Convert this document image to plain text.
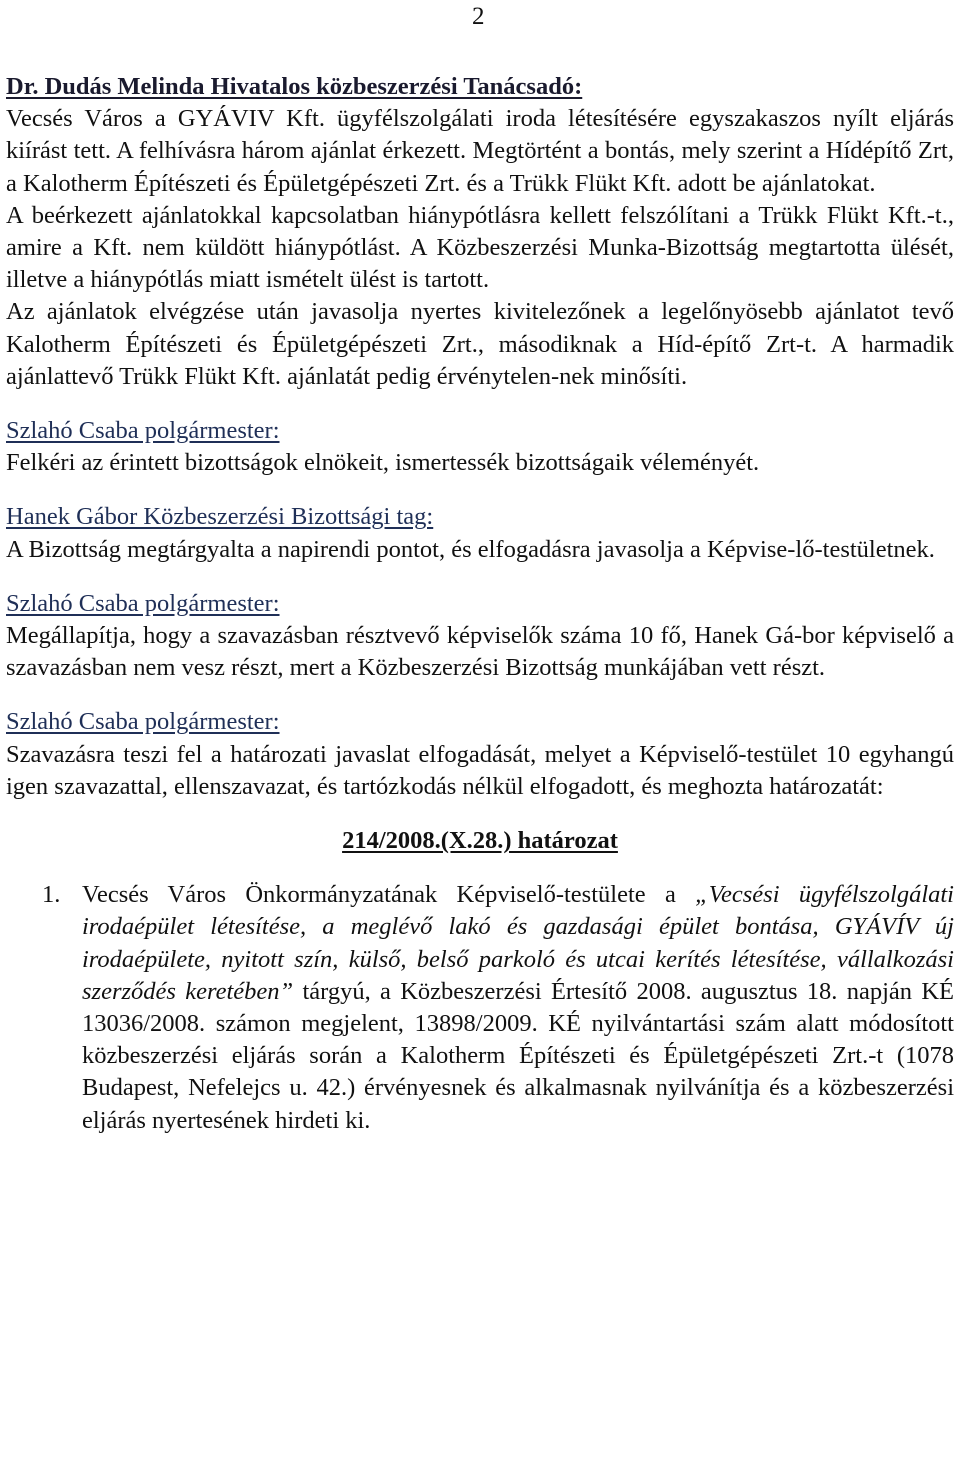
2

Dr. Dudás Melinda Hivatalos közbeszerzési Tanácsadó:

Vecsés Város a GYÁVIV Kft. ügyfélszolgálati iroda létesítésére egyszakaszos nyílt eljárás kiírást tett. A felhívásra három ajánlat érkezett. Megtörtént a bontás, mely szerint a Hídépítő Zrt, a Kalotherm Építészeti és Épületgépészeti Zrt. és a Trükk Flükt Kft. adott be ajánlatokat.

A beérkezett ajánlatokkal kapcsolatban hiánypótlásra kellett felszólítani a Trükk Flükt Kft.-t., amire a Kft. nem küldött hiánypótlást. A Közbeszerzési Munka-Bizottság megtartotta ülését, illetve a hiánypótlás miatt ismételt ülést is tartott.

Az ajánlatok elvégzése után javasolja nyertes kivitelezőnek a legelőnyösebb ajánlatot tevő Kalotherm Építészeti és Épületgépészeti Zrt., másodiknak a Híd-építő Zrt-t. A harmadik ajánlattevő Trükk Flükt Kft. ajánlatát pedig érvénytelen-nek minősíti.

Szlahó Csaba polgármester:

Felkéri az érintett bizottságok elnökeit, ismertessék bizottságaik véleményét.

Hanek Gábor Közbeszerzési Bizottsági tag:

A Bizottság megtárgyalta a napirendi pontot, és elfogadásra javasolja a Képvise-lő-testületnek.

Szlahó Csaba polgármester:

Megállapítja, hogy a szavazásban résztvevő képviselők száma 10 fő, Hanek Gá-bor képviselő a szavazásban nem vesz részt, mert a Közbeszerzési Bizottság munkájában vett részt.

Szlahó Csaba polgármester:

Szavazásra teszi fel a határozati javaslat elfogadását, melyet a Képviselő-testület 10 egyhangú igen szavazattal, ellenszavazat, és tartózkodás nélkül elfogadott, és meghozta határozatát:

214/2008.(X.28.) határozat

1. Vecsés Város Önkormányzatának Képviselő-testülete a „Vecsési ügyfélszolgálati irodaépület létesítése, a meglévő lakó és gazdasági épület bontása, GYÁVÍV új irodaépülete, nyitott szín, külső, belső parkoló és utcai kerítés létesítése, vállalkozási szerződés keretében” tárgyú, a Közbeszerzési Értesítő 2008. augusztus 18. napján KÉ 13036/2008. számon megjelent, 13898/2009. KÉ nyilvántartási szám alatt módosított közbeszerzési eljárás során a Kalotherm Építészeti és Épületgépészeti Zrt.-t (1078 Budapest, Nefelejcs u. 42.) érvényesnek és alkalmasnak nyilvánítja és a közbeszerzési eljárás nyertesének hirdeti ki.
